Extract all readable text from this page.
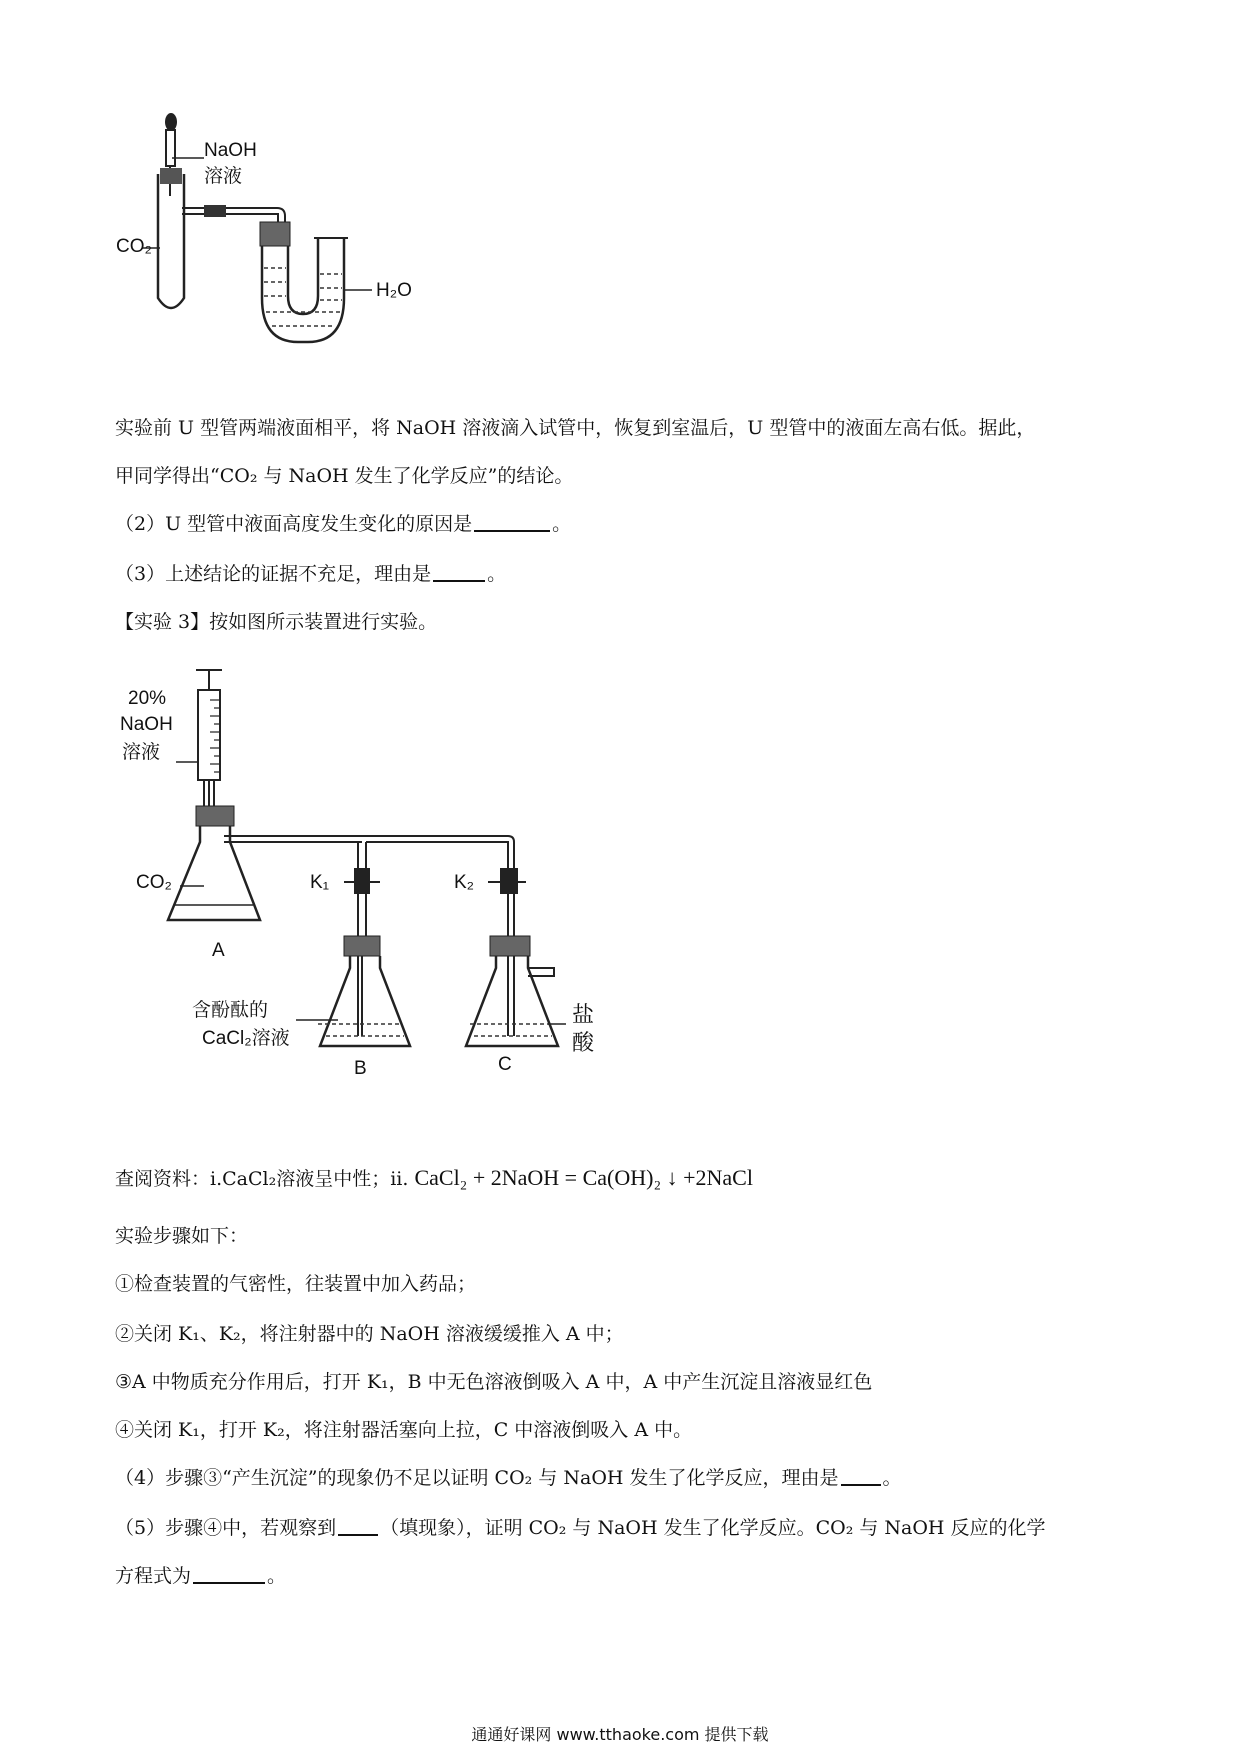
NaOH
溶液
CO₂
H₂O
实验前 U 型管两端液面相平，将 NaOH 溶液滴入试管中，恢复到室温后，U 型管中的液面左高右低。据此，
甲同学得出“CO₂ 与 NaOH 发生了化学反应”的结论。
（2）U 型管中液面高度发生变化的原因是	。
（3）上述结论的证据不充足，理由是	。
【实验 3】按如图所示装置进行实验。
20%
NaOH
溶液
CO₂
A
K₁	K₂
含酚酞的
CaCl₂溶液
B	C
盐
酸
查阅资料：i.CaCl₂溶液呈中性；ii. CaCl₂ + 2NaOH = Ca(OH)₂ ↓ +2NaCl
实验步骤如下：
①检查装置的气密性，往装置中加入药品；
②关闭 K₁、K₂，将注射器中的 NaOH 溶液缓缓推入 A 中；
③A 中物质充分作用后，打开 K₁，B 中无色溶液倒吸入 A 中，A 中产生沉淀且溶液显红色
④关闭 K₁，打开 K₂，将注射器活塞向上拉，C 中溶液倒吸入 A 中。
（4）步骤③“产生沉淀”的现象仍不足以证明 CO₂ 与 NaOH 发生了化学反应，理由是 。
（5）步骤④中，若观察到 （填现象），证明 CO₂ 与 NaOH 发生了化学反应。CO₂ 与 NaOH 反应的化学
方程式为	。
通通好课网 www.tthaoke.com 提供下载
